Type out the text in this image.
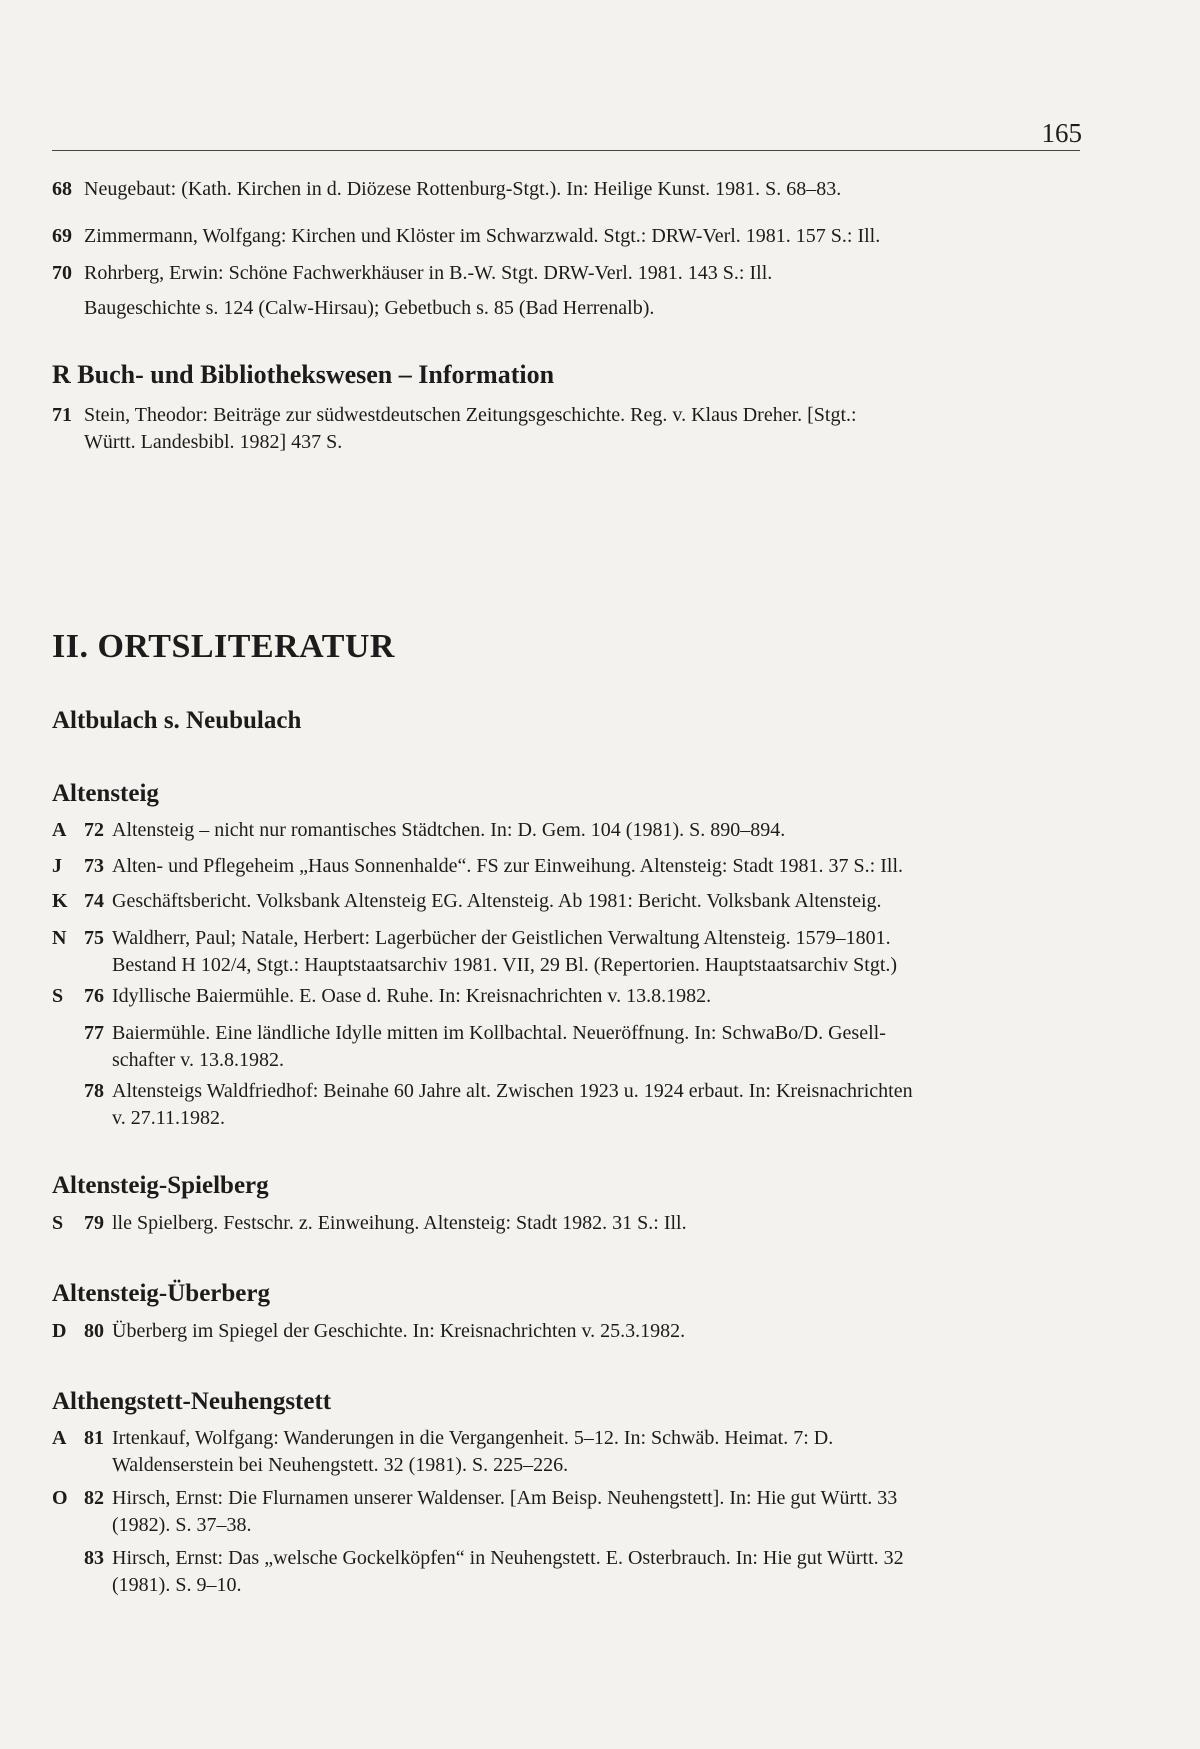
165
68 Neugebaut: (Kath. Kirchen in d. Diözese Rottenburg-Stgt.). In: Heilige Kunst. 1981. S. 68–83.
69 Zimmermann, Wolfgang: Kirchen und Klöster im Schwarzwald. Stgt.: DRW-Verl. 1981. 157 S.: Ill.
70 Rohrberg, Erwin: Schöne Fachwerkhäuser in B.-W. Stgt. DRW-Verl. 1981. 143 S.: Ill.
Baugeschichte s. 124 (Calw-Hirsau); Gebetbuch s. 85 (Bad Herrenalb).
R Buch- und Bibliothekswesen – Information
71 Stein, Theodor: Beiträge zur südwestdeutschen Zeitungsgeschichte. Reg. v. Klaus Dreher. [Stgt.:
Württ. Landesbibl. 1982] 437 S.
II. ORTSLITERATUR
Altbulach s. Neubulach
Altensteig
A 72 Altensteig – nicht nur romantisches Städtchen. In: D. Gem. 104 (1981). S. 890–894.
J	73 Alten- und Pflegeheim „Haus Sonnenhalde“. FS zur Einweihung. Altensteig: Stadt 1981. 37 S.: Ill.
K 74 Geschäftsbericht. Volksbank Altensteig EG. Altensteig. Ab 1981: Bericht. Volksbank Altensteig.
N 75 Waldherr, Paul; Natale, Herbert: Lagerbücher der Geistlichen Verwaltung Altensteig. 1579–1801.
Bestand H 102/4, Stgt.: Hauptstaatsarchiv 1981. VII, 29 Bl. (Repertorien. Hauptstaatsarchiv Stgt.)
S	76 Idyllische Baiermühle. E. Oase d. Ruhe. In: Kreisnachrichten v. 13.8.1982.
77 Baiermühle. Eine ländliche Idylle mitten im Kollbachtal. Neueröffnung. In: SchwaBo/D. Gesell-
schafter v. 13.8.1982.
78 Altensteigs Waldfriedhof: Beinahe 60 Jahre alt. Zwischen 1923 u. 1924 erbaut. In: Kreisnachrichten
v. 27.11.1982.
Altensteig-Spielberg
S	79 lle Spielberg. Festschr. z. Einweihung. Altensteig: Stadt 1982. 31 S.: Ill.
Altensteig-Überberg
D 80 Überberg im Spiegel der Geschichte. In: Kreisnachrichten v. 25.3.1982.
Althengstett-Neuhengstett
A 81 Irtenkauf, Wolfgang: Wanderungen in die Vergangenheit. 5–12. In: Schwäb. Heimat. 7: D.
Waldenserstein bei Neuhengstett. 32 (1981). S. 225–226.
O 82 Hirsch, Ernst: Die Flurnamen unserer Waldenser. [Am Beisp. Neuhengstett]. In: Hie gut Württ. 33
(1982). S. 37–38.
83 Hirsch, Ernst: Das „welsche Gockelköpfen“ in Neuhengstett. E. Osterbrauch. In: Hie gut Württ. 32
(1981). S. 9–10.
